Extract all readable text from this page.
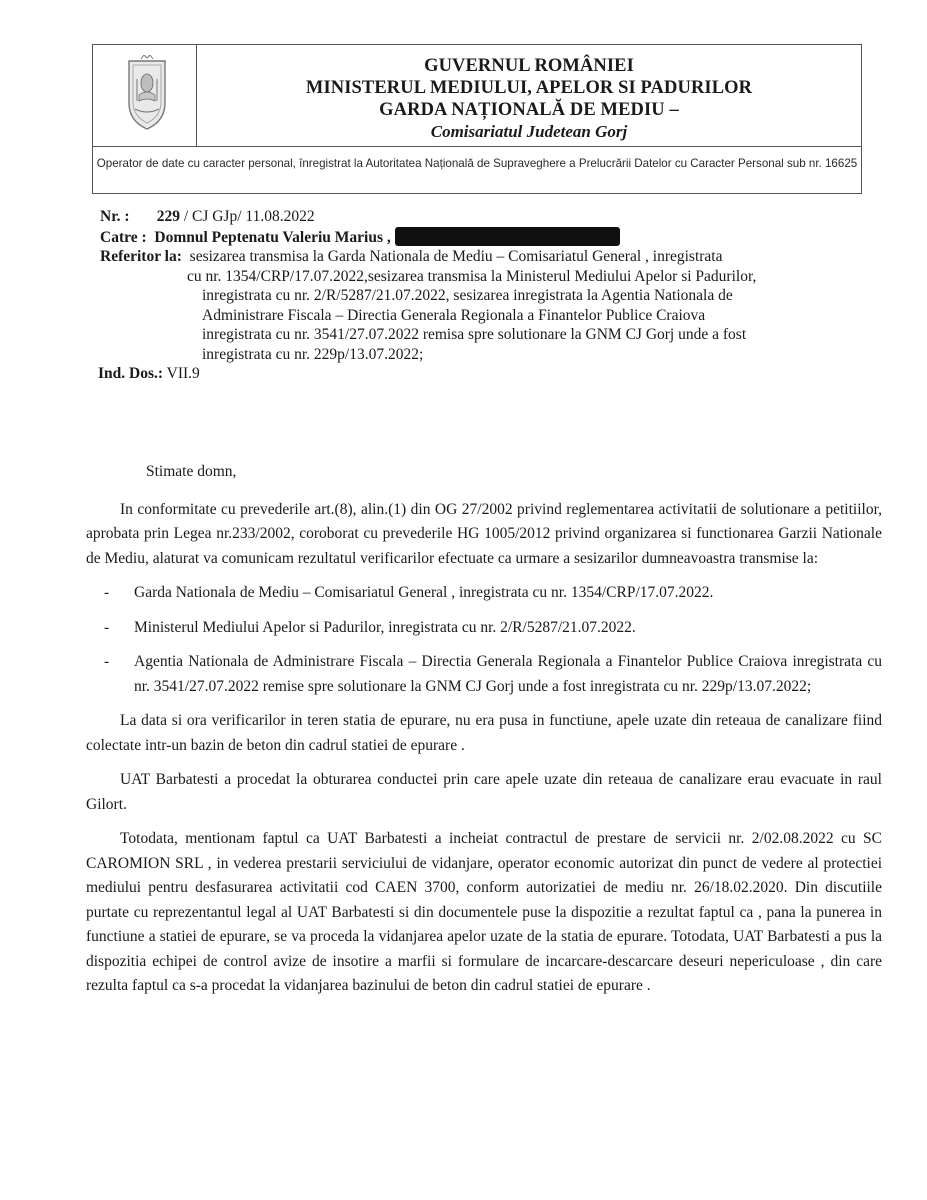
GUVERNUL ROMÂNIEI
MINISTERUL MEDIULUI, APELOR SI PADURILOR
GARDA NAȚIONALĂ DE MEDIU –
Comisariatul Judetean Gorj
Operator de date cu caracter personal, înregistrat la Autoritatea Națională de Supraveghere a Prelucrării Datelor cu Caracter Personal sub nr. 16625
Nr. : 229 / CJ GJp/ 11.08.2022
Catre : Domnul Peptenatu Valeriu Marius ,
Referitor la: sesizarea transmisa la Garda Nationala de Mediu – Comisariatul General , inregistrata
cu nr. 1354/CRP/17.07.2022,sesizarea transmisa la Ministerul Mediului Apelor si Padurilor,
inregistrata cu nr. 2/R/5287/21.07.2022, sesizarea inregistrata la Agentia Nationala de
Administrare Fiscala – Directia Generala Regionala a Finantelor Publice Craiova
inregistrata cu nr. 3541/27.07.2022 remisa spre solutionare la GNM CJ Gorj unde a fost
inregistrata cu nr. 229p/13.07.2022;
Ind. Dos.: VII.9

Stimate domn,

In conformitate cu prevederile art.(8), alin.(1) din OG 27/2002 privind reglementarea activitatii de solutionare a petitiilor, aprobata prin Legea nr.233/2002, coroborat cu prevederile HG 1005/2012 privind organizarea si functionarea Garzii Nationale de Mediu, alaturat va comunicam rezultatul verificarilor efectuate ca urmare a sesizarilor dumneavoastra transmise la:

- Garda Nationala de Mediu – Comisariatul General , inregistrata cu nr. 1354/CRP/17.07.2022.
- Ministerul Mediului Apelor si Padurilor, inregistrata cu nr. 2/R/5287/21.07.2022.
- Agentia Nationala de Administrare Fiscala – Directia Generala Regionala a Finantelor Publice Craiova inregistrata cu nr. 3541/27.07.2022 remise spre solutionare la GNM CJ Gorj unde a fost inregistrata cu nr. 229p/13.07.2022;

La data si ora verificarilor in teren statia de epurare, nu era pusa in functiune, apele uzate din reteaua de canalizare fiind colectate intr-un bazin de beton din cadrul statiei de epurare .

UAT Barbatesti a procedat la obturarea conductei prin care apele uzate din reteaua de canalizare erau evacuate in raul Gilort.

Totodata, mentionam faptul ca UAT Barbatesti a incheiat contractul de prestare de servicii nr. 2/02.08.2022 cu SC CAROMION SRL , in vederea prestarii serviciului de vidanjare, operator economic autorizat din punct de vedere al protectiei mediului pentru desfasurarea activitatii cod CAEN 3700, conform autorizatiei de mediu nr. 26/18.02.2020. Din discutiile purtate cu reprezentantul legal al UAT Barbatesti si din documentele puse la dispozitie a rezultat faptul ca , pana la punerea in functiune a statiei de epurare, se va proceda la vidanjarea apelor uzate de la statia de epurare. Totodata, UAT Barbatesti a pus la dispozitia echipei de control avize de insotire a marfii si formulare de incarcare-descarcare deseuri nepericuloase , din care rezulta faptul ca s-a procedat la vidanjarea bazinului de beton din cadrul statiei de epurare .
